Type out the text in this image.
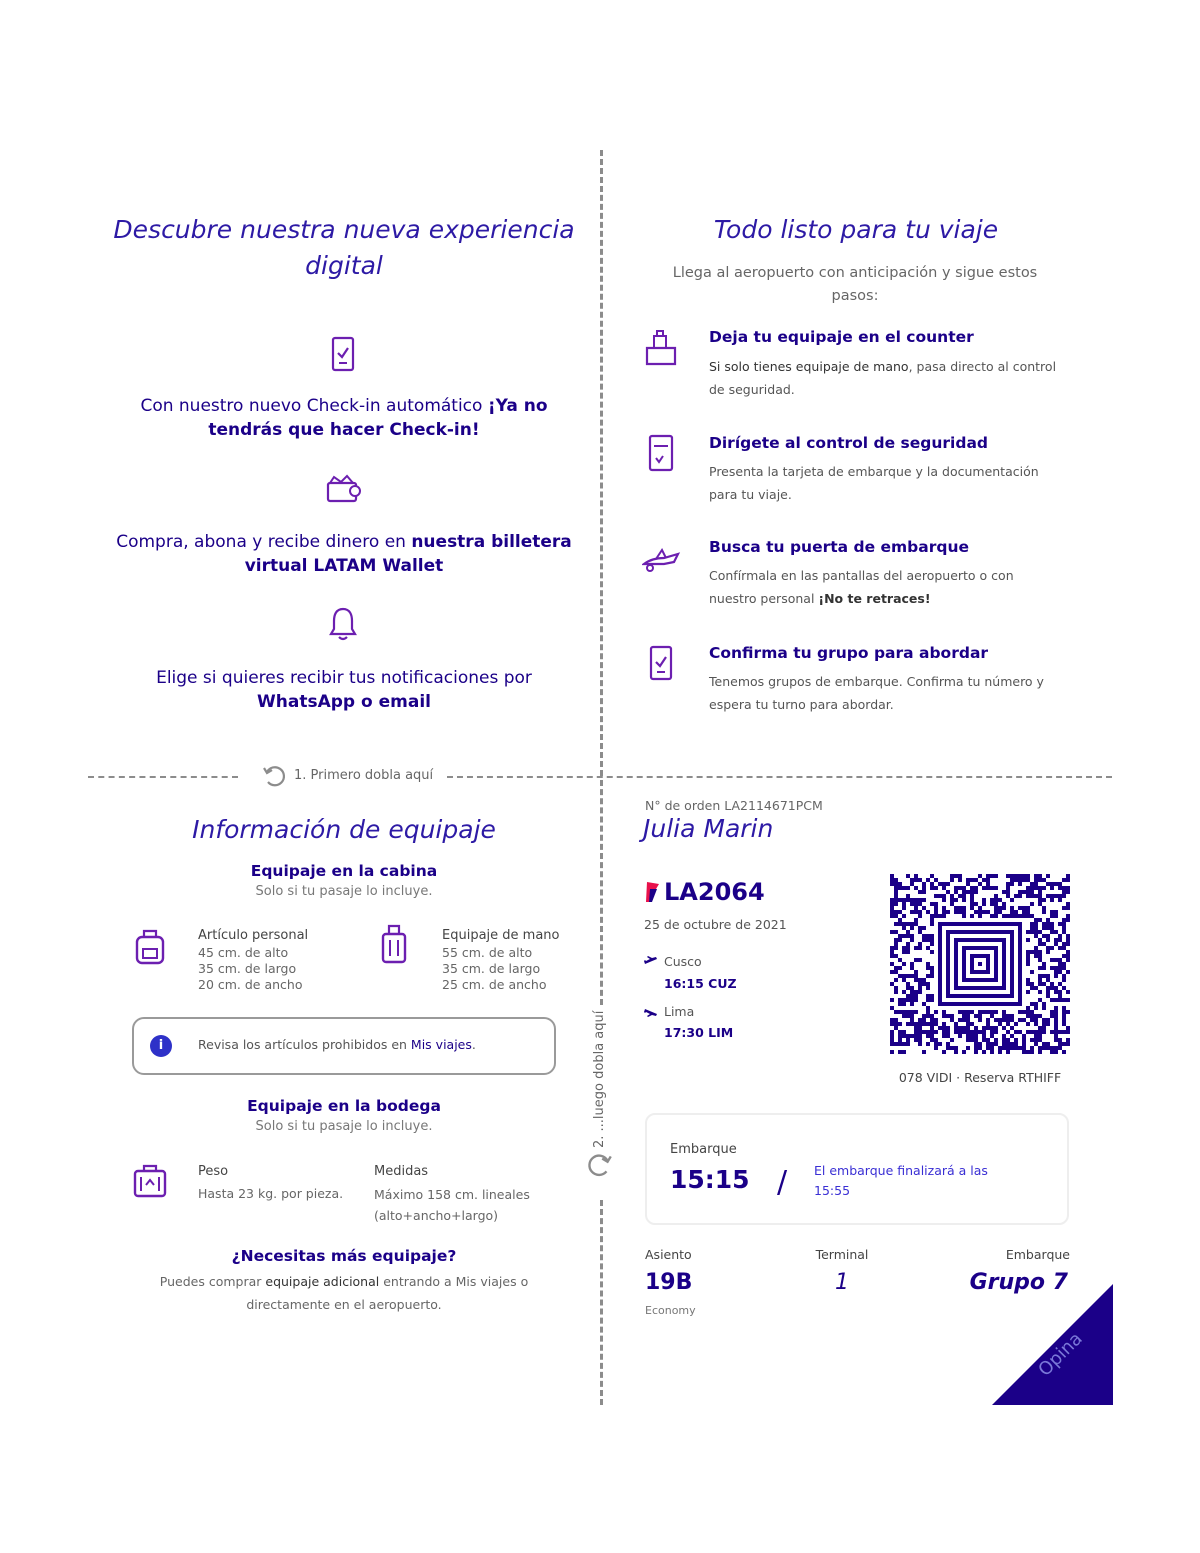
1. Primero dobla aquí
2. ...luego dobla aquí
Descubre nuestra nueva experiencia
digital
Con nuestro nuevo Check-in automático ¡Ya no
tendrás que hacer Check-in!
Compra, abona y recibe dinero en nuestra billetera
virtual LATAM Wallet
Elige si quieres recibir tus notificaciones por
WhatsApp o email
Todo listo para tu viaje
Llega al aeropuerto con anticipación y sigue estos
pasos:
Deja tu equipaje en el counter
Si solo tienes equipaje de mano, pasa directo al control
de seguridad.
Dirígete al control de seguridad
Presenta la tarjeta de embarque y la documentación
para tu viaje.
Busca tu puerta de embarque
Confírmala en las pantallas del aeropuerto o con
nuestro personal ¡No te retraces!
Confirma tu grupo para abordar
Tenemos grupos de embarque. Confirma tu número y
espera tu turno para abordar.
Información de equipaje
Equipaje en la cabina
Solo si tu pasaje lo incluye.
Artículo personal
45 cm. de alto
35 cm. de largo
20 cm. de ancho
Equipaje de mano
55 cm. de alto
35 cm. de largo
25 cm. de ancho
i	Revisa los artículos prohibidos en Mis viajes.
Equipaje en la bodega
Solo si tu pasaje lo incluye.
Peso
Hasta 23 kg. por pieza.
Medidas
Máximo 158 cm. lineales
(alto+ancho+largo)
¿Necesitas más equipaje?
Puedes comprar equipaje adicional entrando a Mis viajes o
directamente en el aeropuerto.
N° de orden LA2114671PCM
Julia Marin
LA2064
25 de octubre de 2021
Cusco
16:15 CUZ
Lima
17:30 LIM
078 VIDI · Reserva RTHIFF
Embarque
15:15 / El embarque finalizará a las
15:55
Asiento
19B
Economy
Terminal
1
Embarque
Grupo 7
Opina
